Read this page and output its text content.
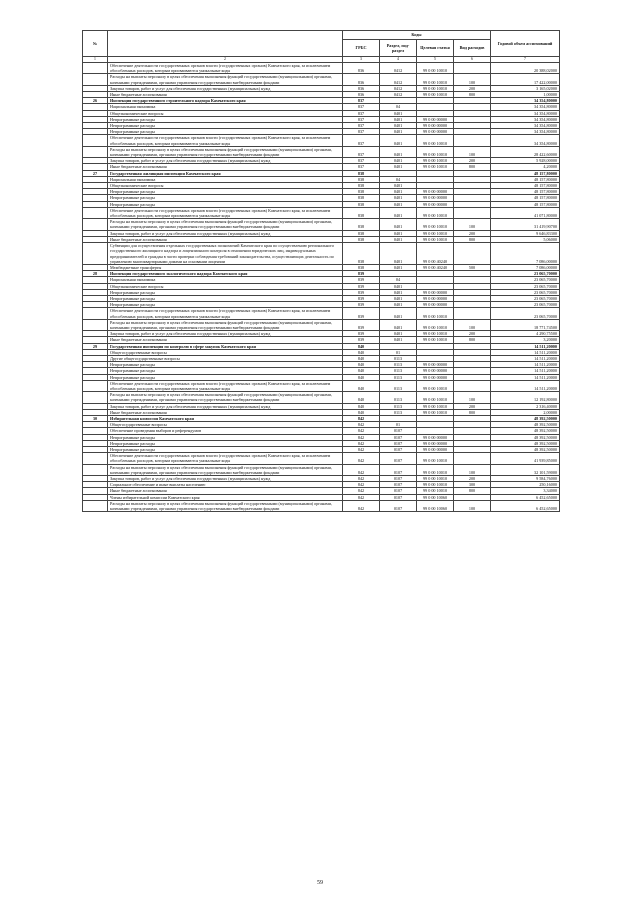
№		Коды				Годовой объем ассигнований
		ГРБС	Раздел, под-раздел	Целевая статья	Вид расходов	
1	2	3	4	5	6	7
	Обеспечение деятельности государственных органов власти (государственных органов) Камчатского края, за исключением обособленных расходов, которым присваиваются уникальные коды	836	0412	99 0 00 10010		20 388,02000
	Расходы на выплаты персоналу в целях обеспечения выполнения функций государственными (муниципальными) органами, казенными учреждениями, органами управления государственными внебюджетными фондами	836	0412	99 0 00 10010	100	17 422,00000
	Закупка товаров, работ и услуг для обеспечения государственных (муниципальных) нужд	836	0412	99 0 00 10010	200	3 165,02000
	Иные бюджетные ассигнования	836	0412	99 0 00 10010	800	1,00000
26	Инспекция государственного строительного надзора Камчатского края	837				34 354,80000
	Национальная экономика	837	04			34 354,80000
	Общеэкономические вопросы	837	0401			34 354,80000
	Непрограммные расходы	837	0401	99 0 00 00000		34 354,80000
	Непрограммные расходы	837	0401	99 0 00 00000		34 354,80000
	Непрограммные расходы	837	0401	99 0 00 00000		34 354,80000
	Обеспечение деятельности государственных органов власти (государственных органов) Камчатского края, за исключением обособленных расходов, которым присваиваются уникальные коды	837	0401	99 0 00 10010		34 354,80000
	Расходы на выплаты персоналу в целях обеспечения выполнения функций государственными (муниципальными) органами, казенными учреждениями, органами управления государственными внебюджетными фондами	837	0401	99 0 00 10010	100	28 422,60000
	Закупка товаров, работ и услуг для обеспечения государственных (муниципальных) нужд	837	0401	99 0 00 10010	200	5 928,00000
	Иные бюджетные ассигнования	837	0401	99 0 00 10010	800	4,20000
27	Государственная жилищная инспекция Камчатского края	838				48 157,80000
	Национальная экономика	838	04			48 157,80000
	Общеэкономические вопросы	838	0401			48 157,80000
	Непрограммные расходы	838	0401	99 0 00 00000		48 157,80000
	Непрограммные расходы	838	0401	99 0 00 00000		48 157,80000
	Непрограммные расходы	838	0401	99 0 00 00000		48 157,80000
	Обеспечение деятельности государственных органов власти (государственных органов) Камчатского края, за исключением обособленных расходов, которым присваиваются уникальные коды	838	0401	99 0 00 10010		41 071,80000
	Расходы на выплаты персоналу в целях обеспечения выполнения функций государственными (муниципальными) органами, казенными учреждениями, органами управления государственными внебюджетными фондами	838	0401	99 0 00 10010	100	31 419,90700
	Закупка товаров, работ и услуг для обеспечения государственных (муниципальных) нужд	838	0401	99 0 00 10010	200	9 646,83300
	Иные бюджетные ассигнования	838	0401	99 0 00 10010	800	5,06000
	Субвенции для осуществления отдельных государственных полномочий Камчатского края по осуществлению регионального государственного жилищного надзора и лицензионного контроля в отношении юридических лиц, индивидуальных предпринимателей и граждан в части проверки соблюдения требований законодательства, осуществляющих деятельность по управлению многоквартирными домами на основании лицензии	838	0401	99 0 00 40240		7 086,00000
	Межбюджетные трансферты	838	0401	99 0 00 40240	500	7 086,00000
28	Инспекция государственного экологического надзора Камчатского края	839				23 065,70000
	Национальная экономика	839	04			23 065,70000
	Общеэкономические вопросы	839	0401			23 065,70000
	Непрограммные расходы	839	0401	99 0 00 00000		23 065,70000
	Непрограммные расходы	839	0401	99 0 00 00000		23 065,70000
	Непрограммные расходы	839	0401	99 0 00 00000		23 065,70000
	Обеспечение деятельности государственных органов власти (государственных органов) Камчатского края, за исключением обособленных расходов, которым присваиваются уникальные коды	839	0401	99 0 00 10010		23 065,70000
	Расходы на выплаты персоналу в целях обеспечения выполнения функций государственными (муниципальными) органами, казенными учреждениями, органами управления государственными внебюджетными фондами	839	0401	99 0 00 10010	100	18 771,74500
	Закупка товаров, работ и услуг для обеспечения государственных (муниципальных) нужд	839	0401	99 0 00 10010	200	4 290,75500
	Иные бюджетные ассигнования	839	0401	99 0 00 10010	800	3,20000
29	Государственная инспекция по контролю в сфере закупок Камчатского края	840				14 511,20000
	Общегосударственные вопросы	840	01			14 511,20000
	Другие общегосударственные вопросы	840	0113			14 511,20000
	Непрограммные расходы	840	0113	99 0 00 00000		14 511,20000
	Непрограммные расходы	840	0113	99 0 00 00000		14 511,20000
	Непрограммные расходы	840	0113	99 0 00 00000		14 511,20000
	Обеспечение деятельности государственных органов власти (государственных органов) Камчатского края, за исключением обособленных расходов, которым присваиваются уникальные коды	840	0113	99 0 00 10010		14 511,20000
	Расходы на выплаты персоналу в целях обеспечения выполнения функций государственными (муниципальными) органами, казенными учреждениями, органами управления государственными внебюджетными фондами	840	0113	99 0 00 10010	100	12 192,80000
	Закупка товаров, работ и услуг для обеспечения государственных (муниципальных) нужд	840	0113	99 0 00 10010	200	2 316,40000
	Иные бюджетные ассигнования	840	0113	99 0 00 10010	800	2,00000
30	Избирательная комиссия Камчатского края	842				48 392,50000
	Общегосударственные вопросы	842	01			48 392,50000
	Обеспечение проведения выборов и референдумов	842	0107			48 392,50000
	Непрограммные расходы	842	0107	99 0 00 00000		48 392,50000
	Непрограммные расходы	842	0107	99 0 00 00000		48 392,50000
	Непрограммные расходы	842	0107	99 0 00 00000		48 392,50000
	Обеспечение деятельности государственных органов власти (государственных органов) Камчатского края, за исключением обособленных расходов, которым присваиваются уникальные коды	842	0107	99 0 00 10010		41 939,85000
	Расходы на выплаты персоналу в целях обеспечения выполнения функций государственными (муниципальными) органами, казенными учреждениями, органами управления государственными внебюджетными фондами	842	0107	99 0 00 10010	100	32 101,59000
	Закупка товаров, работ и услуг для обеспечения государственных (муниципальных) нужд	842	0107	99 0 00 10010	200	9 584,76000
	Социальное обеспечение и иные выплаты населению	842	0107	99 0 00 10010	300	250,16000
	Иные бюджетные ассигнования	842	0107	99 0 00 10010	800	3,34000
	Члены избирательной комиссии Камчатского края	842	0107	99 0 00 10060		6 452,65000
	Расходы на выплаты персоналу в целях обеспечения выполнения функций государственными (муниципальными) органами, казенными учреждениями, органами управления государственными внебюджетными фондами	842	0107	99 0 00 10060	100	6 452,65000
59
